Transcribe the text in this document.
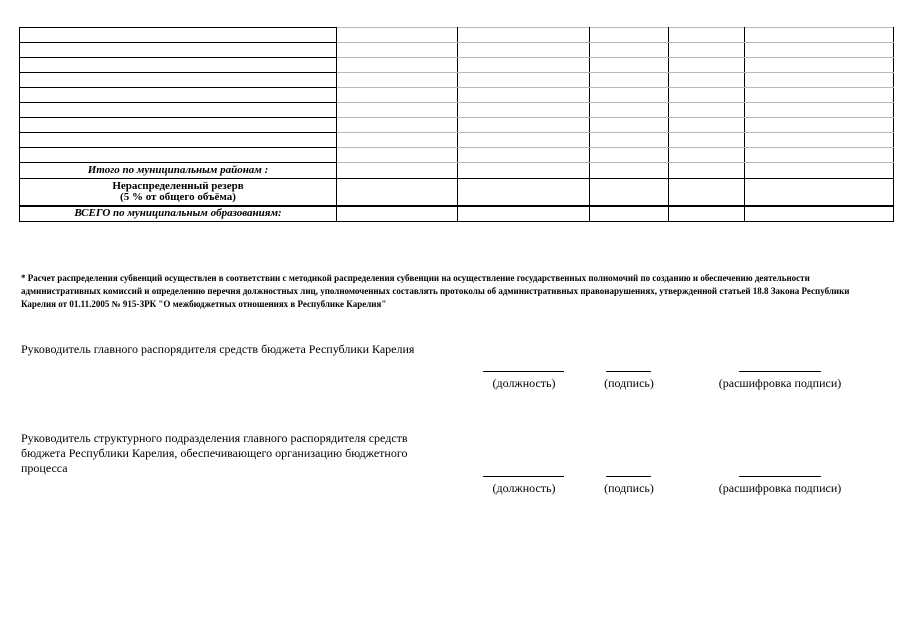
Итого по муниципальным районам :					

Нераспределенный резерв
(5 % от общего объёма)					

ВСЕГО по муниципальным образованиям:					

* Расчет распределения субвенций осуществлен в соответствии с методикой распределения субвенции на осуществление государственных полномочий по созданию и обеспечению деятельности административных комиссий и определению перечня должностных лиц, уполномоченных составлять протоколы об административных правонарушениях, утвержденной статьей 18.8 Закона Республики Карелия от 01.11.2005 № 915-ЗРК "О межбюджетных отношениях в Республике Карелия"

Руководитель главного распорядителя средств бюджета Республики Карелия

(должность)	(подпись)	(расшифровка подписи)
Руководитель структурного подразделения главного распорядителя средств
бюджета Республики Карелия, обеспечивающего организацию бюджетного
процесса
(должность)	(подпись)	(расшифровка подписи)
